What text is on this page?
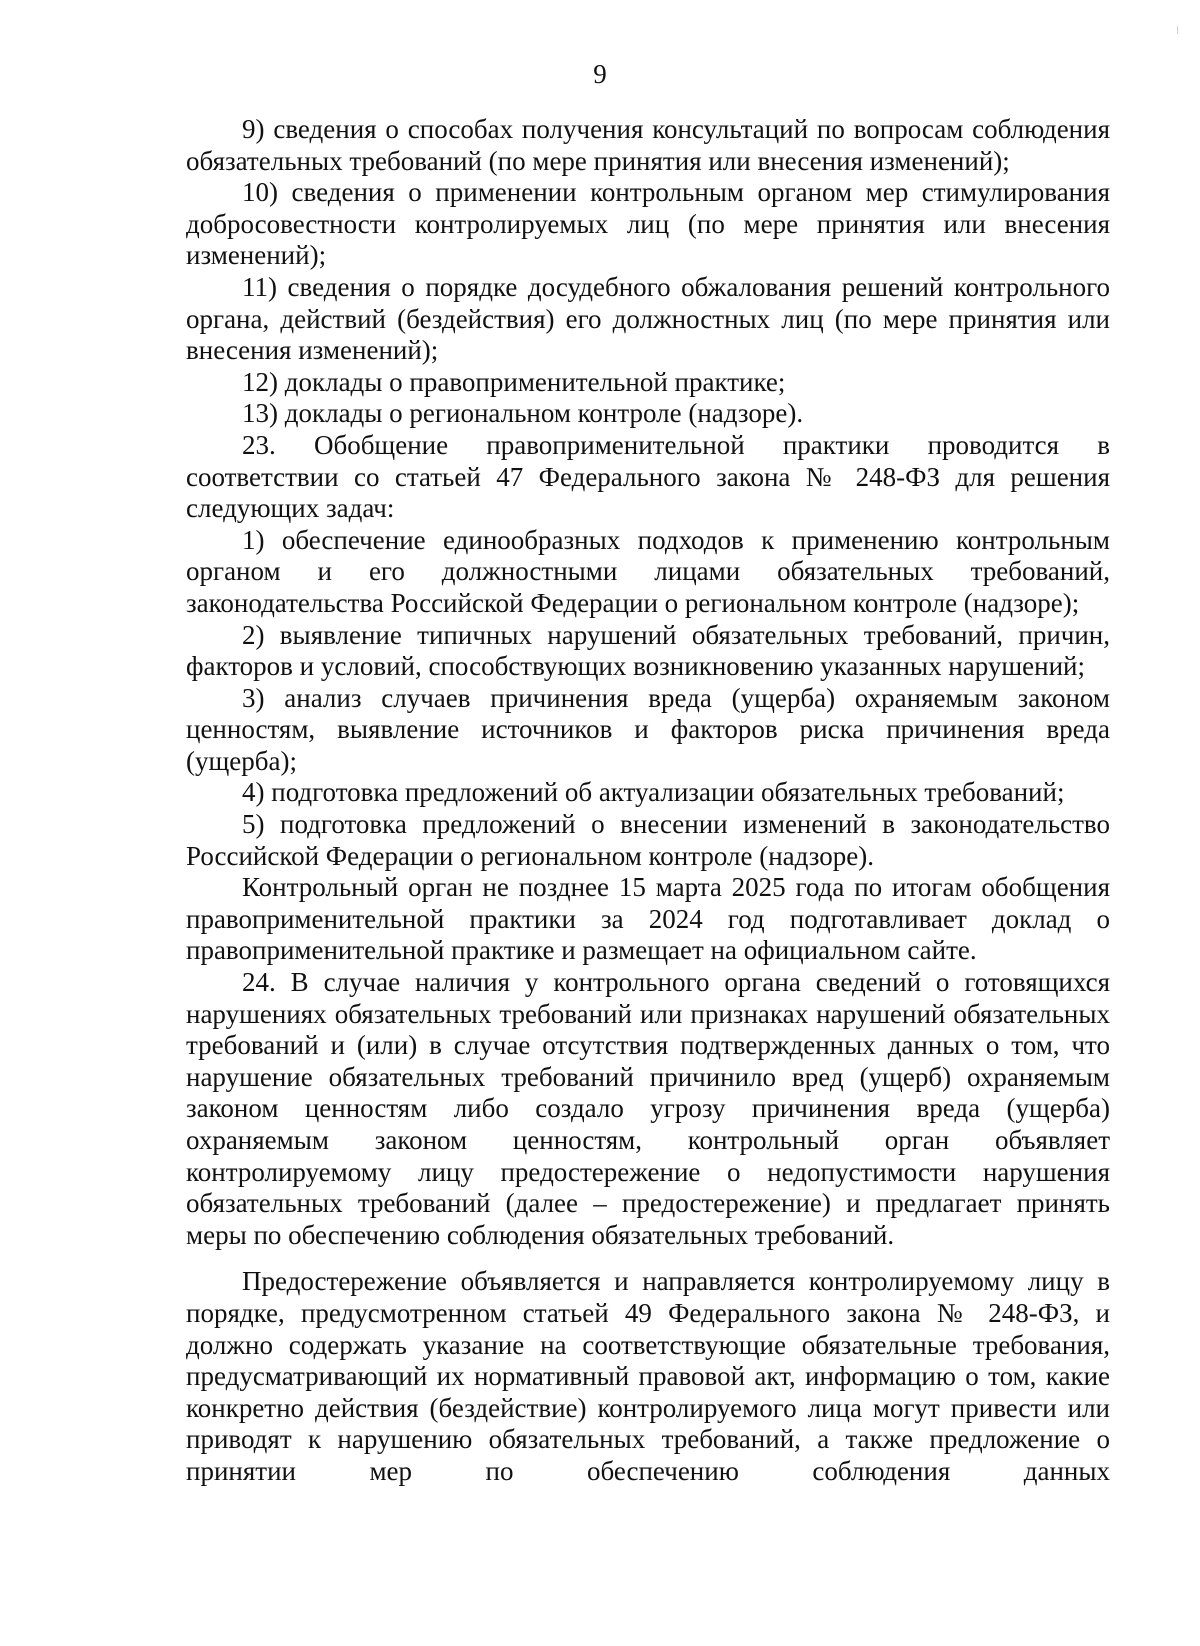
9

9) сведения о способах получения консультаций по вопросам соблюдения обязательных требований (по мере принятия или внесения изменений);

10) сведения о применении контрольным органом мер стимулирования добросовестности контролируемых лиц (по мере принятия или внесения изменений);

11) сведения о порядке досудебного обжалования решений контрольного органа, действий (бездействия) его должностных лиц (по мере принятия или внесения изменений);

12) доклады о правоприменительной практике;

13) доклады о региональном контроле (надзоре).

23. Обобщение правоприменительной практики проводится в соответствии со статьей 47 Федерального закона № 248-ФЗ для решения следующих задач:

1) обеспечение единообразных подходов к применению контрольным органом и его должностными лицами обязательных требований, законодательства Российской Федерации о региональном контроле (надзоре);

2) выявление типичных нарушений обязательных требований, причин, факторов и условий, способствующих возникновению указанных нарушений;

3) анализ случаев причинения вреда (ущерба) охраняемым законом ценностям, выявление источников и факторов риска причинения вреда (ущерба);

4) подготовка предложений об актуализации обязательных требований;

5) подготовка предложений о внесении изменений в законодательство Российской Федерации о региональном контроле (надзоре).

Контрольный орган не позднее 15 марта 2025 года по итогам обобщения правоприменительной практики за 2024 год подготавливает доклад о правоприменительной практике и размещает на официальном сайте.

24. В случае наличия у контрольного органа сведений о готовящихся нарушениях обязательных требований или признаках нарушений обязательных требований и (или) в случае отсутствия подтвержденных данных о том, что нарушение обязательных требований причинило вред (ущерб) охраняемым законом ценностям либо создало угрозу причинения вреда (ущерба) охраняемым законом ценностям, контрольный орган объявляет контролируемому лицу предостережение о недопустимости нарушения обязательных требований (далее – предостережение) и предлагает принять меры по обеспечению соблюдения обязательных требований.

Предостережение объявляется и направляется контролируемому лицу в порядке, предусмотренном статьей 49 Федерального закона № 248-ФЗ, и должно содержать указание на соответствующие обязательные требования, предусматривающий их нормативный правовой акт, информацию о том, какие конкретно действия (бездействие) контролируемого лица могут привести или приводят к нарушению обязательных требований, а также предложение о принятии мер по обеспечению соблюдения данных
